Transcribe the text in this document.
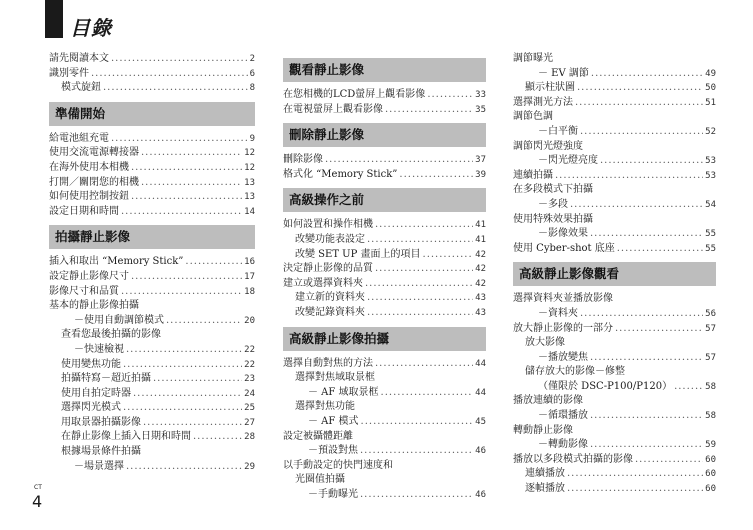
目錄
請先閱讀本文 .....	2
識別零件 .....	6
模式旋鈕 .....	8
準備開始
給電池組充電 .....	9
使用交流電源轉接器 .....	12
在海外使用本相機 .....	12
打開／關閉您的相機 .....	13
如何使用控制按鈕 .....	13
設定日期和時間 .....	14
拍攝靜止影像
插入和取出 “Memory Stick” .....	16
設定靜止影像尺寸 .....	17
影像尺寸和品質 .....	18
基本的靜止影像拍攝
－使用自動調節模式 .....	20
查看您最後拍攝的影像
－快速檢視 .....	22
使用變焦功能 .....	22
拍攝特寫－超近拍攝 .....	23
使用自拍定時器 .....	24
選擇閃光模式 .....	25
用取景器拍攝影像 .....	27
在靜止影像上插入日期和時間 .....	28
根據場景條件拍攝
－場景選擇 .....	29
觀看靜止影像
在您相機的LCD螢屏上觀看影像 .....	33
在電視螢屏上觀看影像 .....	35
刪除靜止影像
刪除影像 .....	37
格式化 “Memory Stick” .....	39
高級操作之前
如何設置和操作相機 .....	41
改變功能表設定 .....	41
改變 SET UP 畫面上的項目 .....	42
決定靜止影像的品質 .....	42
建立或選擇資料夾 .....	42
建立新的資料夾 .....	43
改變記錄資料夾 .....	43
高級靜止影像拍攝
選擇自動對焦的方法 .....	44
選擇對焦域取景框
－ AF 域取景框 .....	44
選擇對焦功能
－ AF 模式 .....	45
設定被攝體距離
－預設對焦 .....	46
以手動設定的快門速度和
光圈值拍攝
－手動曝光 .....	46
調節曝光
－ EV 調節 .....	49
顯示柱狀圖 .....	50
選擇測光方法 .....	51
調節色調
－白平衡 .....	52
調節閃光燈強度
－閃光燈亮度 .....	53
連續拍攝 .....	53
在多段模式下拍攝
－多段 .....	54
使用特殊效果拍攝
－影像效果 .....	55
使用 Cyber-shot 底座 .....	55
高級靜止影像觀看
選擇資料夾並播放影像
－資料夾 .....	56
放大靜止影像的一部分 .....	57
放大影像
－播放變焦 .....	57
儲存放大的影像－修整
（僅限於 DSC-P100/P120） .....	58
播放連續的影像
－循環播放 .....	58
轉動靜止影像
－轉動影像 .....	59
播放以多段模式拍攝的影像 .....	60
連續播放 .....	60
逐幀播放 .....	60
CT
4
